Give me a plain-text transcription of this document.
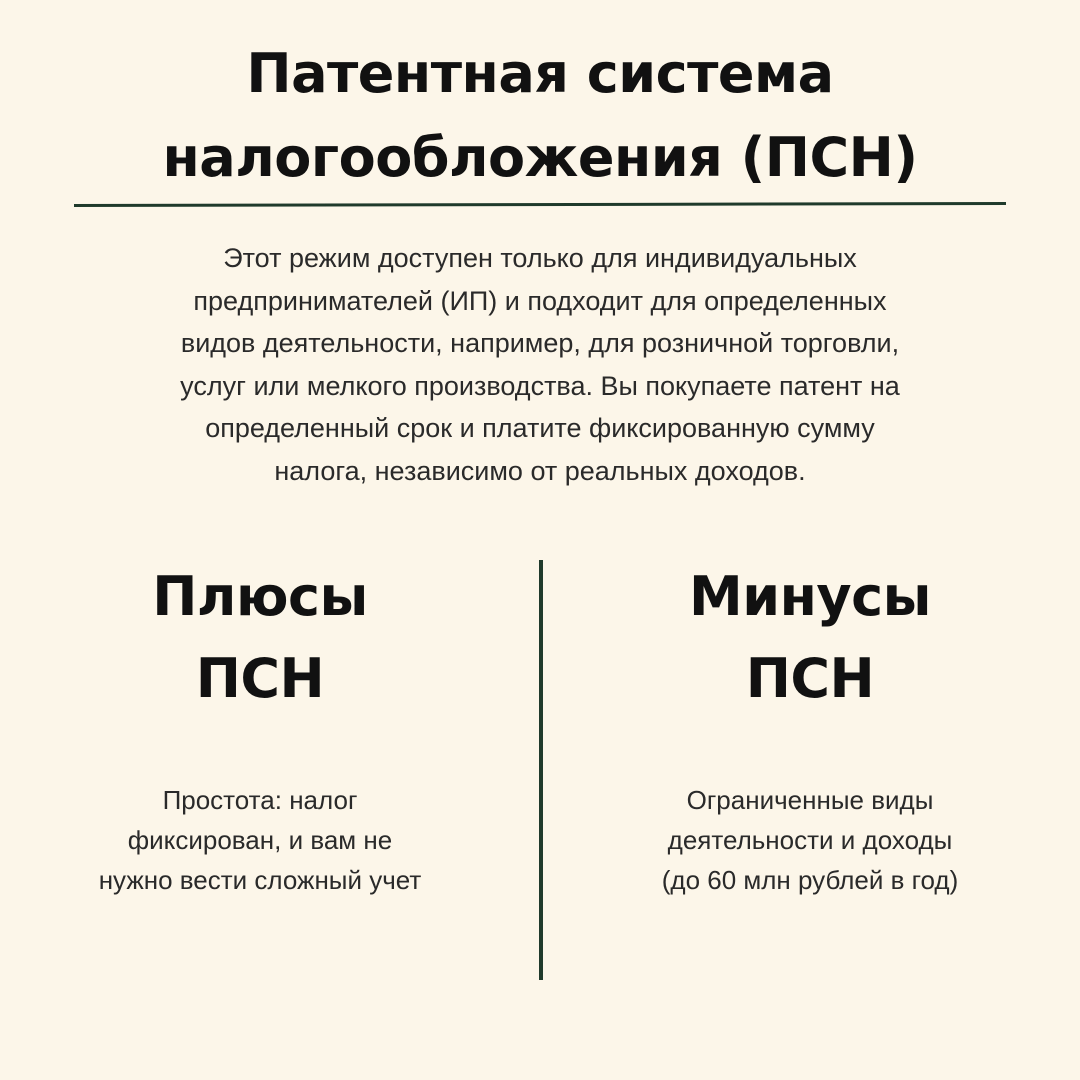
Патентная система
налогообложения (ПСН)

Этот режим доступен только для индивидуальных
предпринимателей (ИП) и подходит для определенных
видов деятельности, например, для розничной торговли,
услуг или мелкого производства. Вы покупаете патент на
определенный срок и платите фиксированную сумму
налога, независимо от реальных доходов.

Плюсы
ПСН

Простота: налог
фиксирован, и вам не
нужно вести сложный учет

Минусы
ПСН

Ограниченные виды
деятельности и доходы
(до 60 млн рублей в год)
